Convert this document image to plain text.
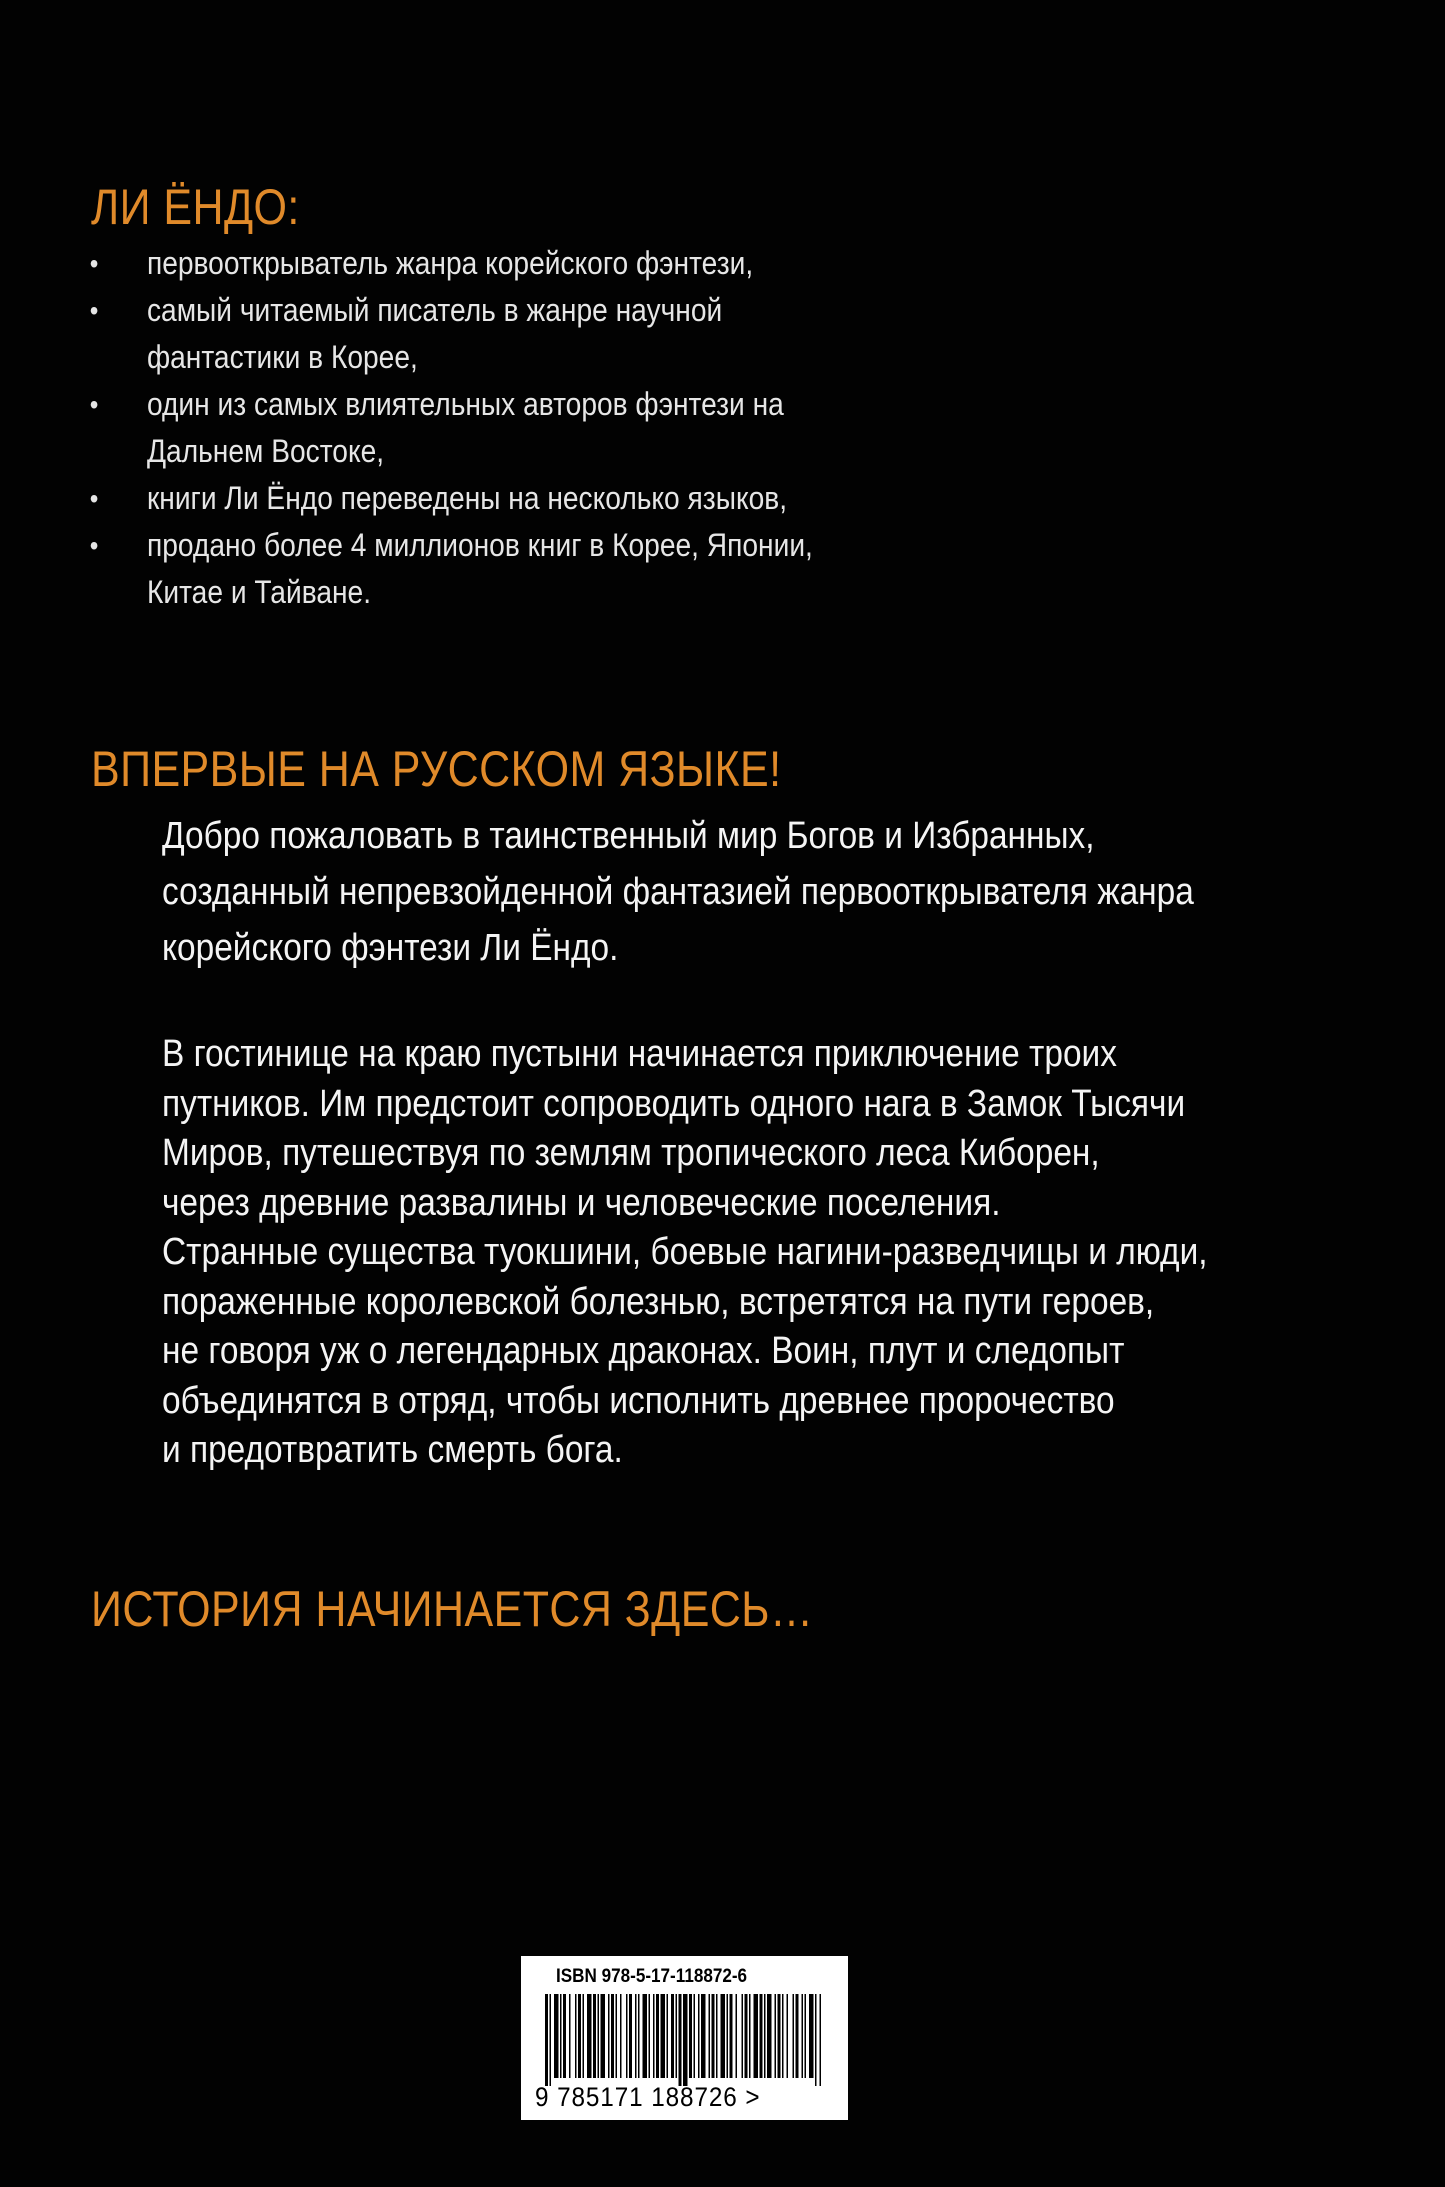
ЛИ ЁНДО:
• первооткрыватель жанра корейского фэнтези,
• самый читаемый писатель в жанре научной
фантастики в Корее,
• один из самых влиятельных авторов фэнтези на
Дальнем Востоке,
• книги Ли Ёндо переведены на несколько языков,
• продано более 4 миллионов книг в Корее, Японии,
Китае и Тайване.
ВПЕРВЫЕ НА РУССКОМ ЯЗЫКЕ!

Добро пожаловать в таинственный мир Богов и Избранных,
созданный непревзойденной фантазией первооткрывателя жанра
корейского фэнтези Ли Ёндо.

В гостинице на краю пустыни начинается приключение троих
путников. Им предстоит сопроводить одного нага в Замок Тысячи
Миров, путешествуя по землям тропического леса Киборен,
через древние развалины и человеческие поселения.
Странные существа туокшини, боевые нагини-разведчицы и люди,
пораженные королевской болезнью, встретятся на пути героев,
не говоря уж о легендарных драконах. Воин, плут и следопыт
объединятся в отряд, чтобы исполнить древнее пророчество
и предотвратить смерть бога.

ИСТОРИЯ НАЧИНАЕТСЯ ЗДЕСЬ…
ISBN 978-5-17-118872-6
9 785171 188726 >
